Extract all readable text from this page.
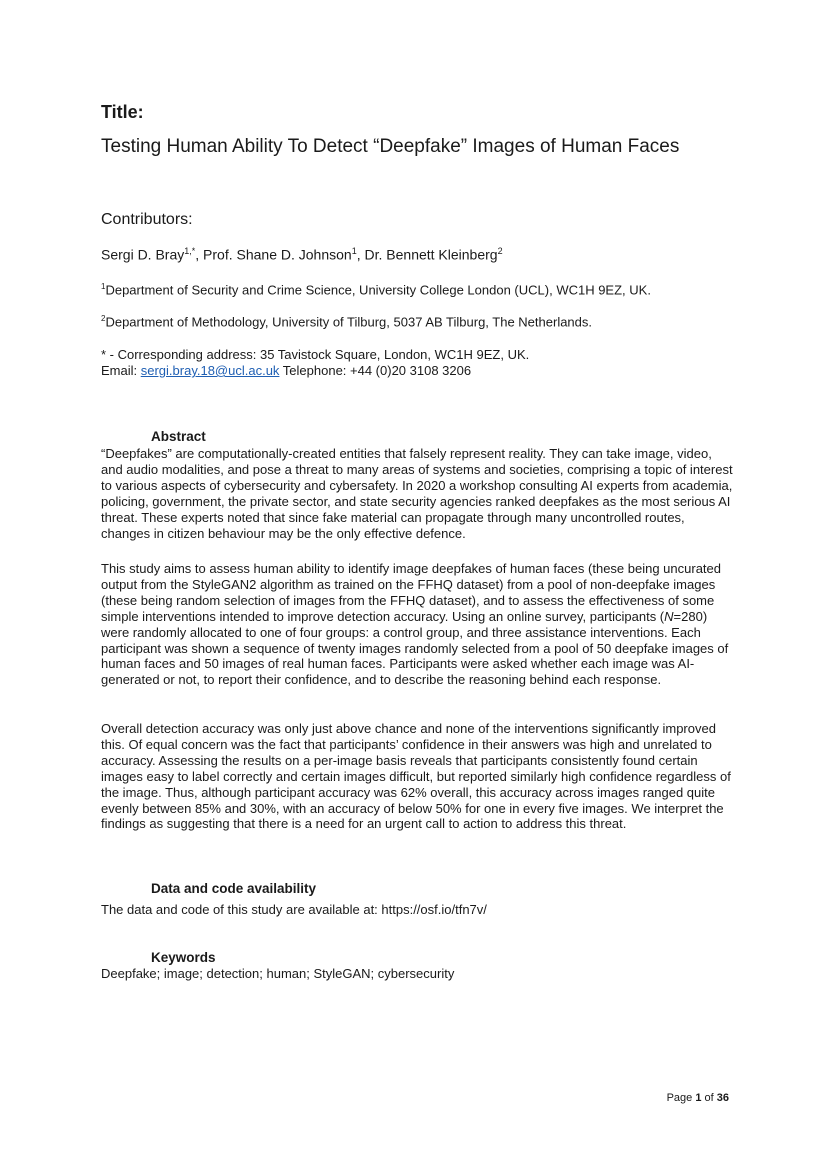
Title:

Testing Human Ability To Detect “Deepfake” Images of Human Faces

Contributors:

Sergi D. Bray$^{1,*}$, Prof. Shane D. Johnson$^1$, Dr. Bennett Kleinberg$^2$

$^1$Department of Security and Crime Science, University College London (UCL), WC1H 9EZ, UK.

$^2$Department of Methodology, University of Tilburg, 5037 AB Tilburg, The Netherlands.

* - Corresponding address: 35 Tavistock Square, London, WC1H 9EZ, UK.
Email: sergi.bray.18@ucl.ac.uk Telephone: +44 (0)20 3108 3206

Abstract

“Deepfakes” are computationally-created entities that falsely represent reality. They can take image, video, and audio modalities, and pose a threat to many areas of systems and societies, comprising a topic of interest to various aspects of cybersecurity and cybersafety. In 2020 a workshop consulting AI experts from academia, policing, government, the private sector, and state security agencies ranked deepfakes as the most serious AI threat. These experts noted that since fake material can propagate through many uncontrolled routes, changes in citizen behaviour may be the only effective defence.

This study aims to assess human ability to identify image deepfakes of human faces (these being uncurated output from the StyleGAN2 algorithm as trained on the FFHQ dataset) from a pool of non-deepfake images (these being random selection of images from the FFHQ dataset), and to assess the effectiveness of some simple interventions intended to improve detection accuracy. Using an online survey, participants (N=280) were randomly allocated to one of four groups: a control group, and three assistance interventions. Each participant was shown a sequence of twenty images randomly selected from a pool of 50 deepfake images of human faces and 50 images of real human faces. Participants were asked whether each image was AI-generated or not, to report their confidence, and to describe the reasoning behind each response.

Overall detection accuracy was only just above chance and none of the interventions significantly improved this. Of equal concern was the fact that participants’ confidence in their answers was high and unrelated to accuracy. Assessing the results on a per-image basis reveals that participants consistently found certain images easy to label correctly and certain images difficult, but reported similarly high confidence regardless of the image. Thus, although participant accuracy was 62% overall, this accuracy across images ranged quite evenly between 85% and 30%, with an accuracy of below 50% for one in every five images. We interpret the findings as suggesting that there is a need for an urgent call to action to address this threat.

Data and code availability

The data and code of this study are available at: https://osf.io/tfn7v/

Keywords

Deepfake; image; detection; human; StyleGAN; cybersecurity

Page 1 of 36
